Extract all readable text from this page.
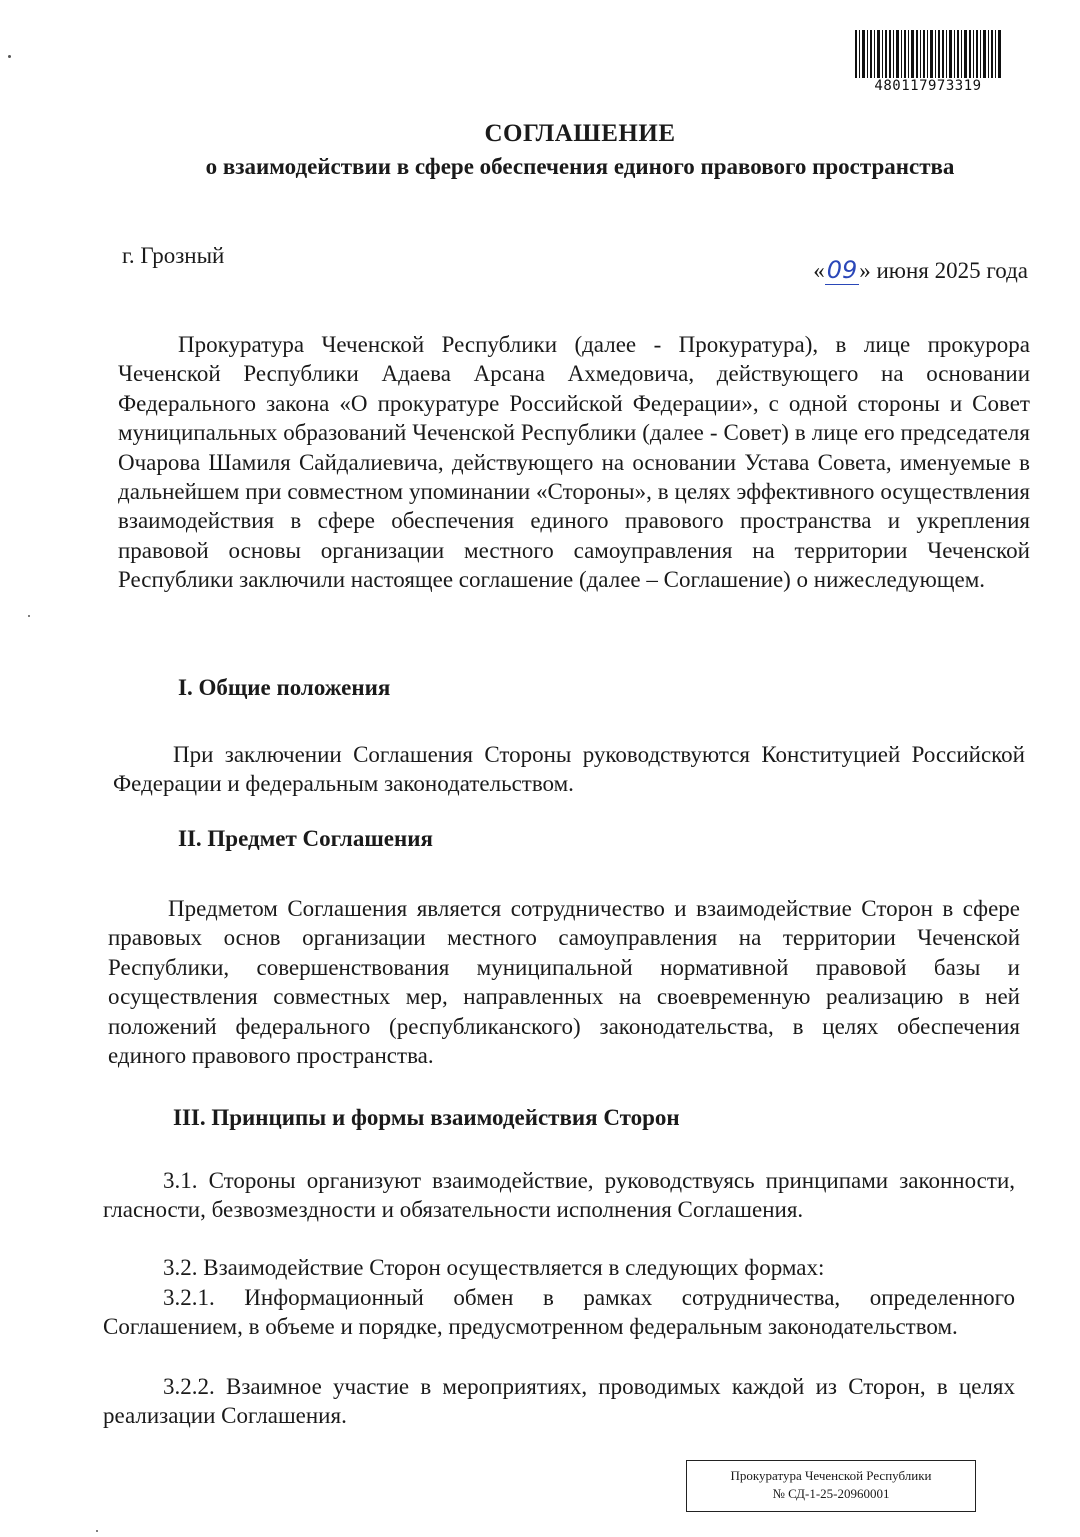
480117973319
СОГЛАШЕНИЕ
о взаимодействии в сфере обеспечения единого правового пространства
г. Грозный
«09» июня 2025 года

Прокуратура Чеченской Республики (далее - Прокуратура), в лице прокурора Чеченской Республики Адаева Арсана Ахмедовича, действующего на основании Федерального закона «О прокуратуре Российской Федерации», с одной стороны и Совет муниципальных образований Чеченской Республики (далее - Совет) в лице его председателя Очарова Шамиля Сайдалиевича, действующего на основании Устава Совета, именуемые в дальнейшем при совместном упоминании «Стороны», в целях эффективного осуществления взаимодействия в сфере обеспечения единого правового пространства и укрепления правовой основы организации местного самоуправления на территории Чеченской Республики заключили настоящее соглашение (далее – Соглашение) о нижеследующем.

I. Общие положения

При заключении Соглашения Стороны руководствуются Конституцией Российской Федерации и федеральным законодательством.

II. Предмет Соглашения

Предметом Соглашения является сотрудничество и взаимодействие Сторон в сфере правовых основ организации местного самоуправления на территории Чеченской Республики, совершенствования муниципальной нормативной правовой базы и осуществления совместных мер, направленных на своевременную реализацию в ней положений федерального (республиканского) законодательства, в целях обеспечения единого правового пространства.

III. Принципы и формы взаимодействия Сторон

3.1. Стороны организуют взаимодействие, руководствуясь принципами законности, гласности, безвозмездности и обязательности исполнения Соглашения.

3.2. Взаимодействие Сторон осуществляется в следующих формах:

3.2.1. Информационный обмен в рамках сотрудничества, определенного Соглашением, в объеме и порядке, предусмотренном федеральным законодательством.

3.2.2. Взаимное участие в мероприятиях, проводимых каждой из Сторон, в целях реализации Соглашения.

Прокуратура Чеченской Республики
№ СД-1-25-20960001
